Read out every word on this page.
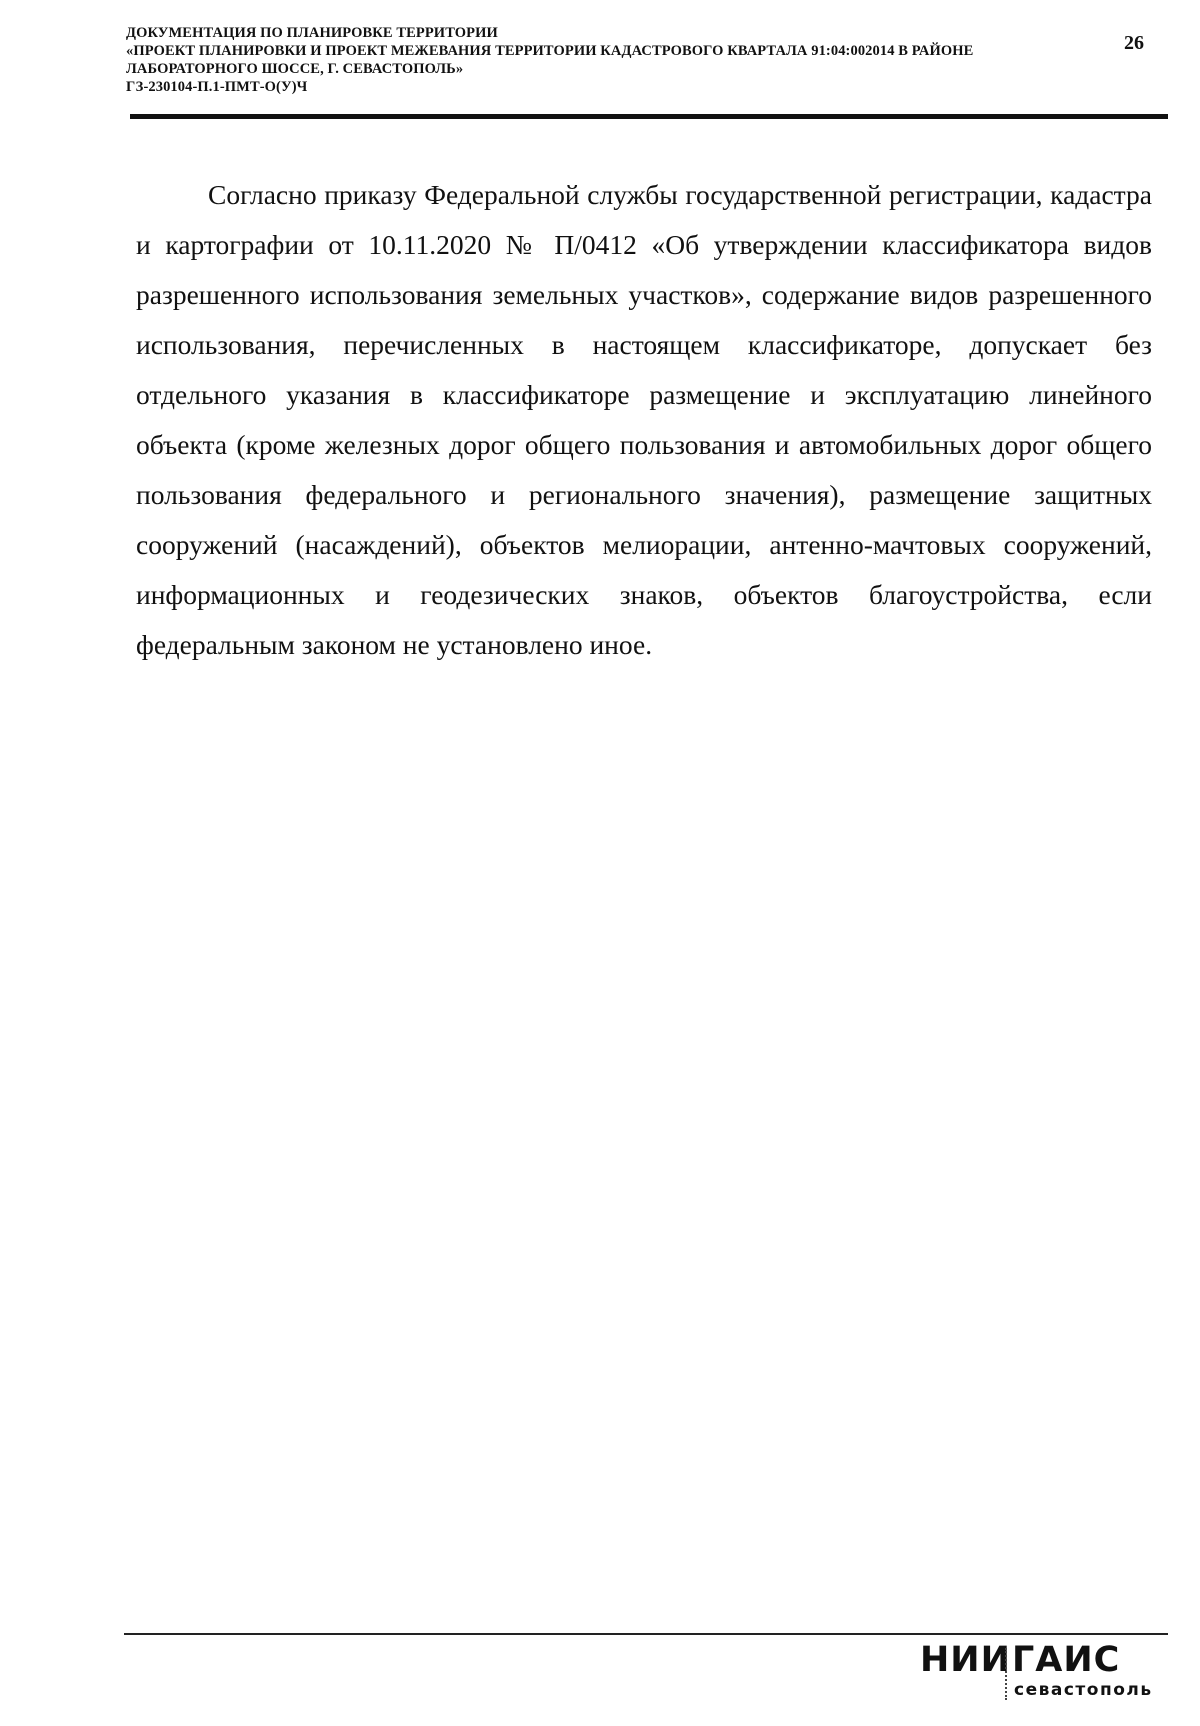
ДОКУМЕНТАЦИЯ ПО ПЛАНИРОВКЕ ТЕРРИТОРИИ
«ПРОЕКТ ПЛАНИРОВКИ И ПРОЕКТ МЕЖЕВАНИЯ ТЕРРИТОРИИ КАДАСТРОВОГО КВАРТАЛА 91:04:002014 В РАЙОНЕ
ЛАБОРАТОРНОГО ШОССЕ, Г. СЕВАСТОПОЛЬ»
ГЗ-230104-П.1-ПМТ-О(У)Ч
26

Согласно приказу Федеральной службы государственной регистрации, кадастра и картографии от 10.11.2020 № П/0412 «Об утверждении классификатора видов разрешенного использования земельных участков», содержание видов разрешенного использования, перечисленных в настоящем классификаторе, допускает без отдельного указания в классификаторе размещение и эксплуатацию линейного объекта (кроме железных дорог общего пользования и автомобильных дорог общего пользования федерального и регионального значения), размещение защитных сооружений (насаждений), объектов мелиорации, антенно-мачтовых сооружений, информационных и геодезических знаков, объектов благоустройства, если федеральным законом не установлено иное.

НИИ ГАИС
севастополь
